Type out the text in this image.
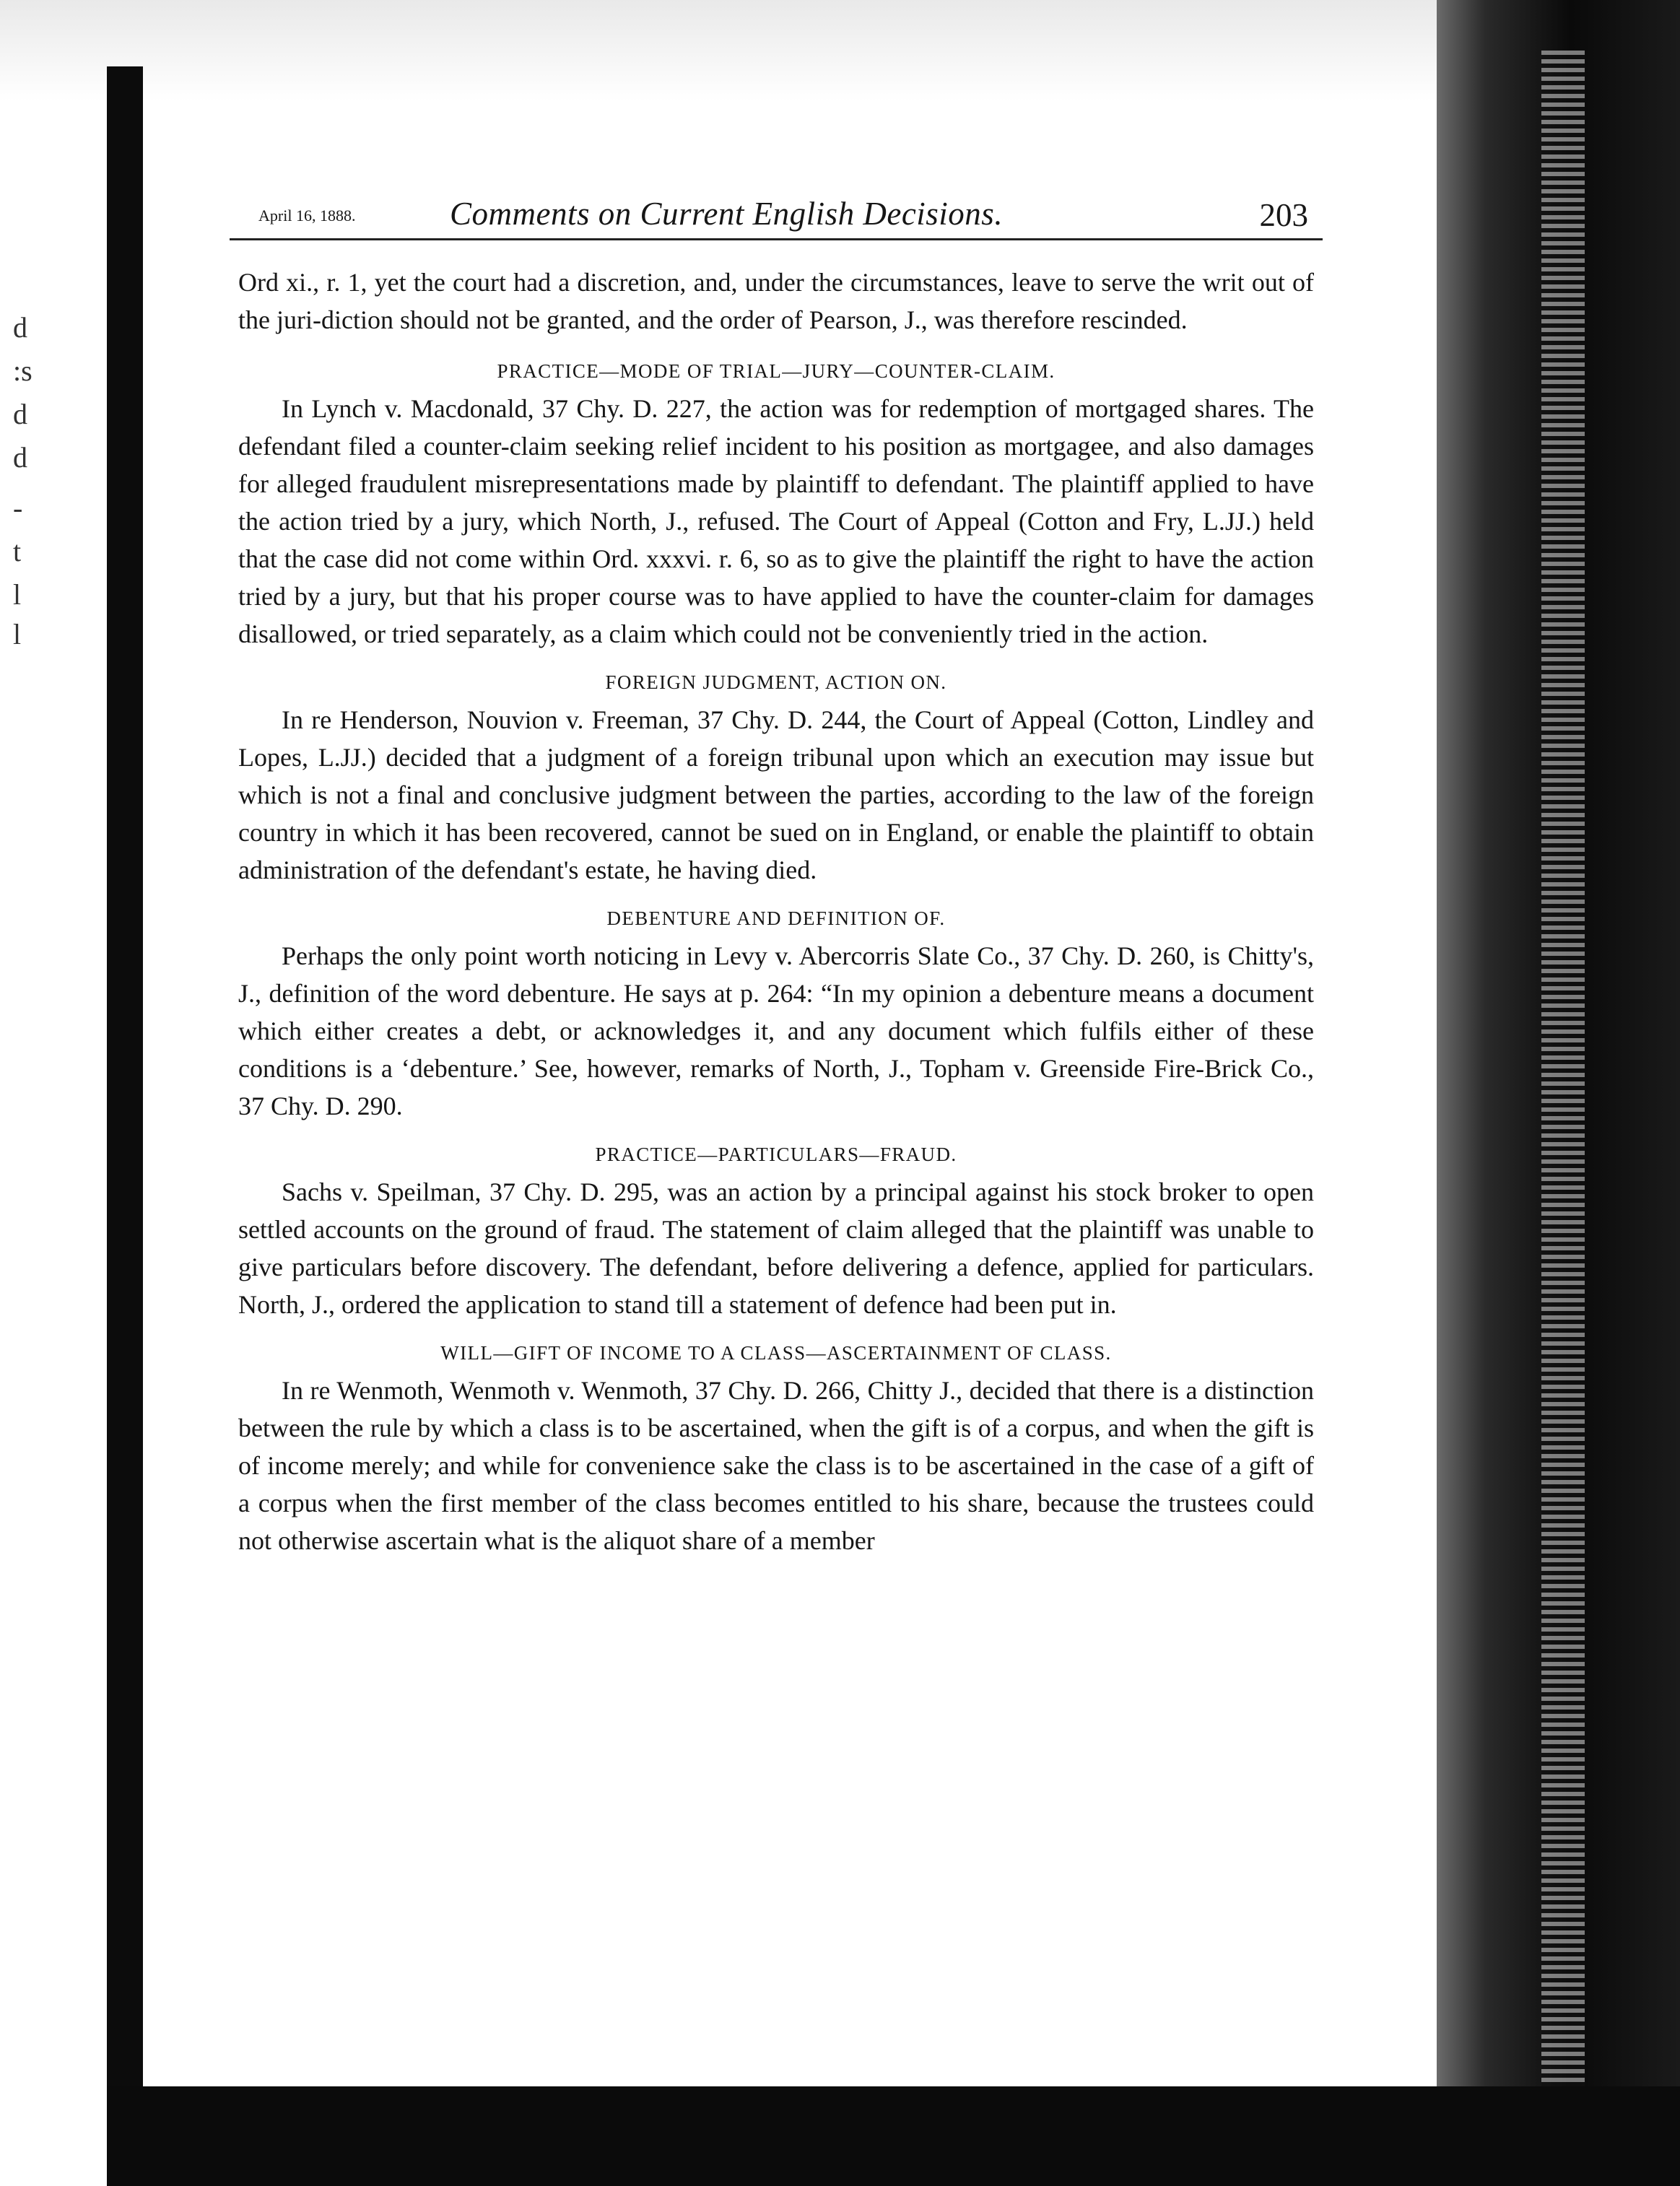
d
:s
d
d
-
t
l
l
April 16, 1888.	Comments on Current English Decisions.	203

Ord xi., r. 1, yet the court had a discretion, and, under the circumstances, leave to serve the writ out of the juri-diction should not be granted, and the order of Pearson, J., was therefore rescinded.

PRACTICE—MODE OF TRIAL—JURY—COUNTER-CLAIM.

In Lynch v. Macdonald, 37 Chy. D. 227, the action was for redemption of mortgaged shares. The defendant filed a counter-claim seeking relief incident to his position as mortgagee, and also damages for alleged fraudulent misrepresentations made by plaintiff to defendant. The plaintiff applied to have the action tried by a jury, which North, J., refused. The Court of Appeal (Cotton and Fry, L.JJ.) held that the case did not come within Ord. xxxvi. r. 6, so as to give the plaintiff the right to have the action tried by a jury, but that his proper course was to have applied to have the counter-claim for damages disallowed, or tried separately, as a claim which could not be conveniently tried in the action.

FOREIGN JUDGMENT, ACTION ON.

In re Henderson, Nouvion v. Freeman, 37 Chy. D. 244, the Court of Appeal (Cotton, Lindley and Lopes, L.JJ.) decided that a judgment of a foreign tribunal upon which an execution may issue but which is not a final and conclusive judgment between the parties, according to the law of the foreign country in which it has been recovered, cannot be sued on in England, or enable the plaintiff to obtain administration of the defendant's estate, he having died.

DEBENTURE AND DEFINITION OF.

Perhaps the only point worth noticing in Levy v. Abercorris Slate Co., 37 Chy. D. 260, is Chitty's, J., definition of the word debenture. He says at p. 264: “In my opinion a debenture means a document which either creates a debt, or acknowledges it, and any document which fulfils either of these conditions is a ‘debenture.’ See, however, remarks of North, J., Topham v. Greenside Fire-Brick Co., 37 Chy. D. 290.

PRACTICE—PARTICULARS—FRAUD.

Sachs v. Speilman, 37 Chy. D. 295, was an action by a principal against his stock broker to open settled accounts on the ground of fraud. The statement of claim alleged that the plaintiff was unable to give particulars before discovery. The defendant, before delivering a defence, applied for particulars. North, J., ordered the application to stand till a statement of defence had been put in.

WILL—GIFT OF INCOME TO A CLASS—ASCERTAINMENT OF CLASS.

In re Wenmoth, Wenmoth v. Wenmoth, 37 Chy. D. 266, Chitty J., decided that there is a distinction between the rule by which a class is to be ascertained, when the gift is of a corpus, and when the gift is of income merely; and while for convenience sake the class is to be ascertained in the case of a gift of a corpus when the first member of the class becomes entitled to his share, because the trustees could not otherwise ascertain what is the aliquot share of a member
